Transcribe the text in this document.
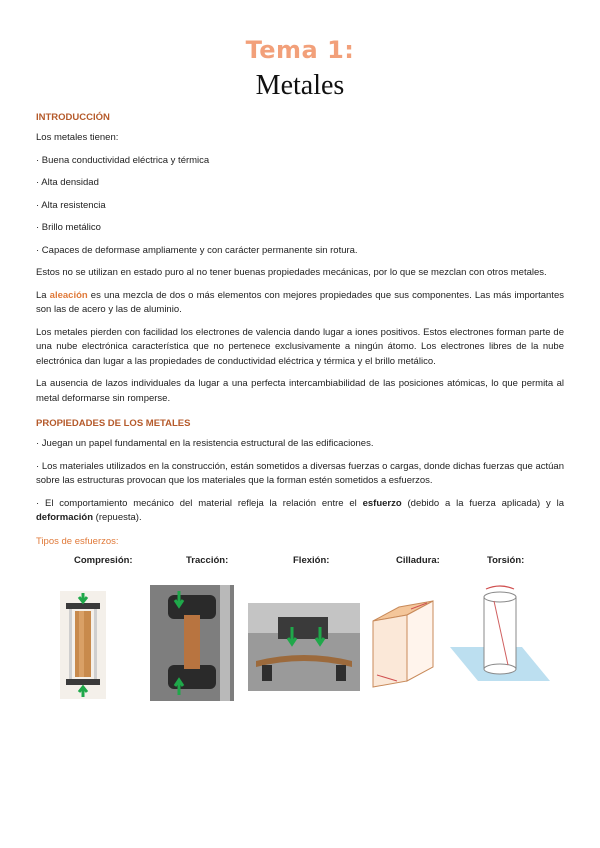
Tema 1:
Metales
INTRODUCCIÓN

Los metales tienen:

· Buena conductividad eléctrica y térmica

· Alta densidad

· Alta resistencia

· Brillo metálico

· Capaces de deformase ampliamente y con carácter permanente sin rotura.

Estos no se utilizan en estado puro al no tener buenas propiedades mecánicas, por lo que se mezclan con otros metales.

La aleación es una mezcla de dos o más elementos con mejores propiedades que sus componentes. Las más importantes son las de acero y las de aluminio.

Los metales pierden con facilidad los electrones de valencia dando lugar a iones positivos. Estos electrones forman parte de una nube electrónica característica que no pertenece exclusivamente a ningún átomo. Los electrones libres de la nube electrónica dan lugar a las propiedades de conductividad eléctrica y térmica y el brillo metálico.

La ausencia de lazos individuales da lugar a una perfecta intercambiabilidad de las posiciones atómicas, lo que permita al metal deformarse sin romperse.

PROPIEDADES DE LOS METALES

· Juegan un papel fundamental en la resistencia estructural de las edificaciones.

· Los materiales utilizados en la construcción, están sometidos a diversas fuerzas o cargas, donde dichas fuerzas que actúan sobre las estructuras provocan que los materiales que la forman estén sometidos a esfuerzos.

· El comportamiento mecánico del material refleja la relación entre el esfuerzo (debido a la fuerza aplicada) y la deformación (repuesta).

Tipos de esfuerzos:
Compresión:	Tracción:	Flexión:	Cilladura:	Torsión:
